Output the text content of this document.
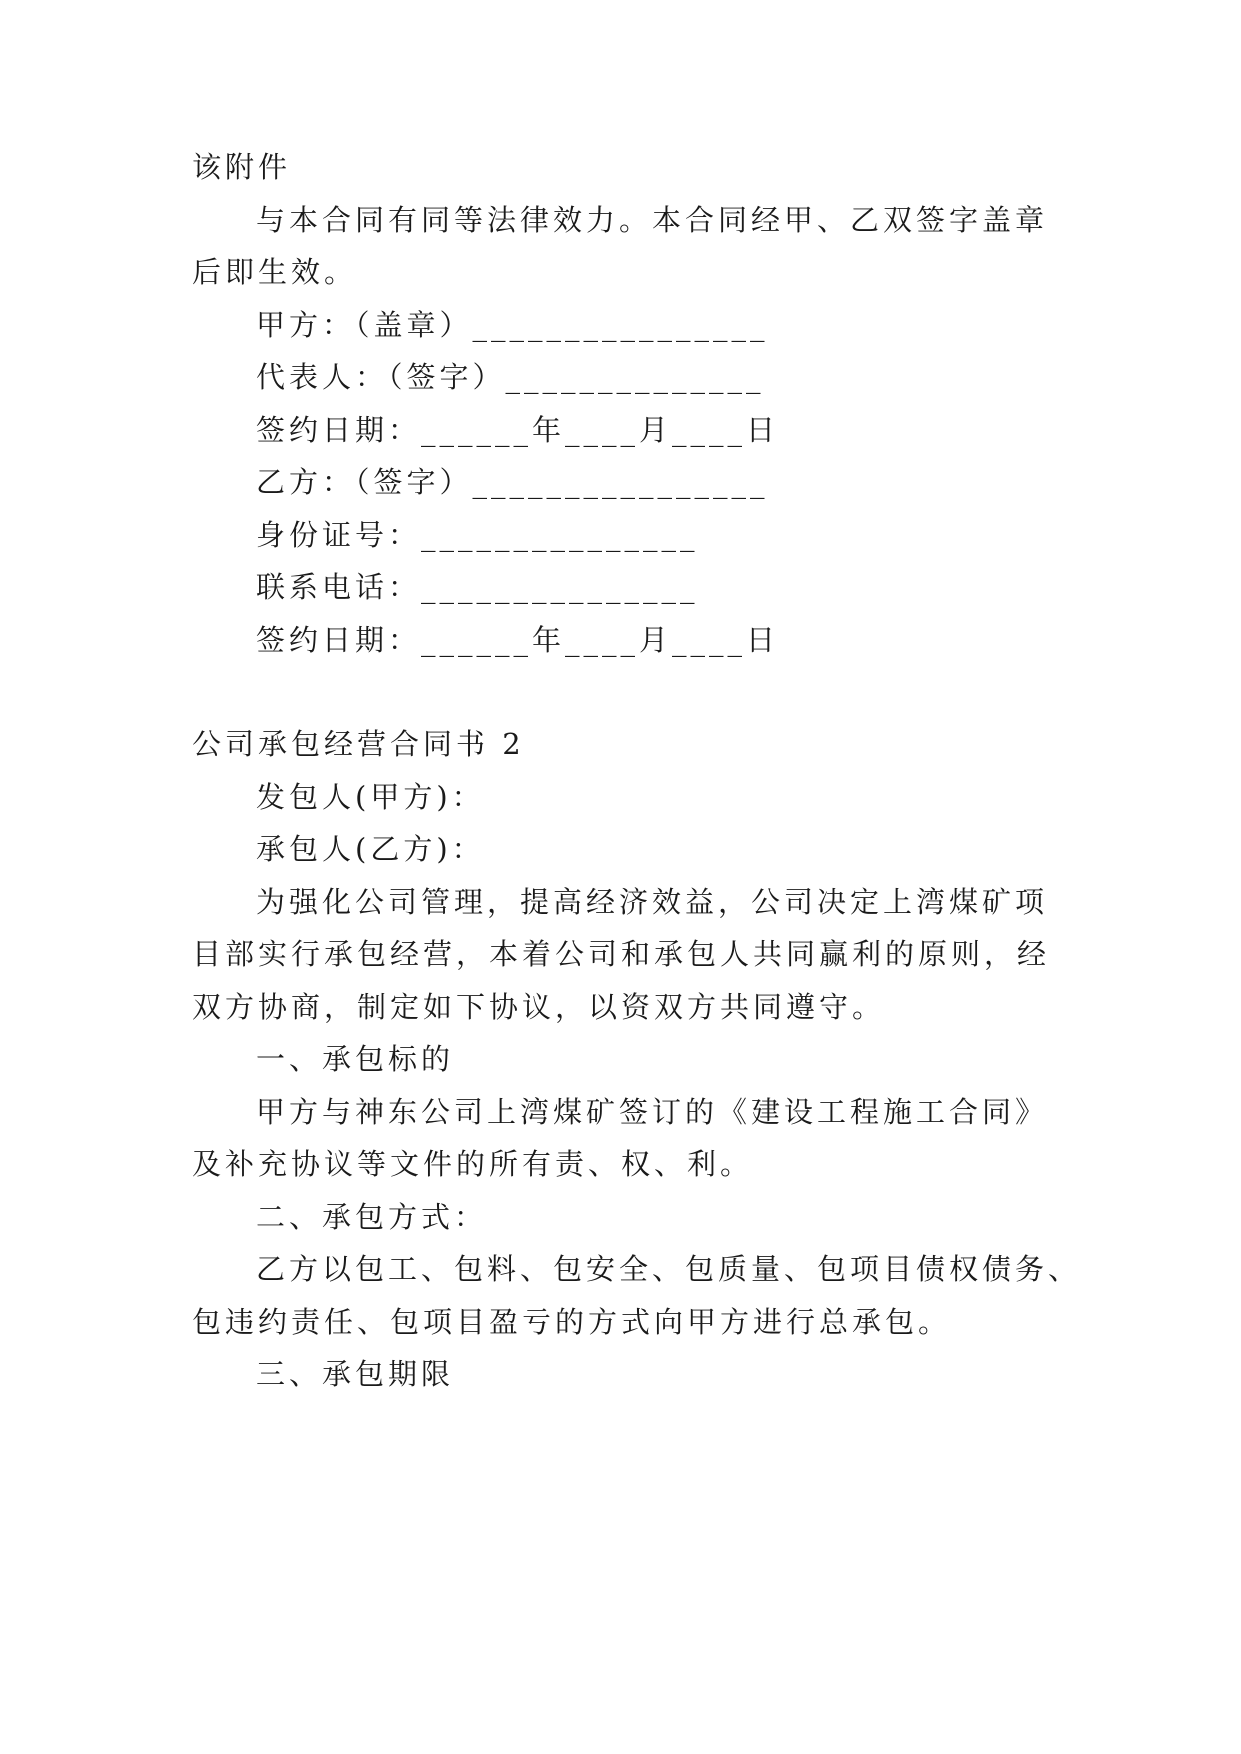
该附件
与本合同有同等法律效力。本合同经甲、乙双签字盖章
后即生效。
甲方：（盖章）________________
代表人：（签字）______________
签约日期：______年____月____日
乙方：（签字）________________
身份证号：_______________
联系电话：_______________
签约日期：______年____月____日
公司承包经营合同书 2
发包人(甲方)：
承包人(乙方)：
为强化公司管理，提高经济效益，公司决定上湾煤矿项
目部实行承包经营，本着公司和承包人共同赢利的原则，经
双方协商，制定如下协议，以资双方共同遵守。
一、承包标的
甲方与神东公司上湾煤矿签订的《建设工程施工合同》
及补充协议等文件的所有责、权、利。
二、承包方式：
乙方以包工、包料、包安全、包质量、包项目债权债务、
包违约责任、包项目盈亏的方式向甲方进行总承包。
三、承包期限
